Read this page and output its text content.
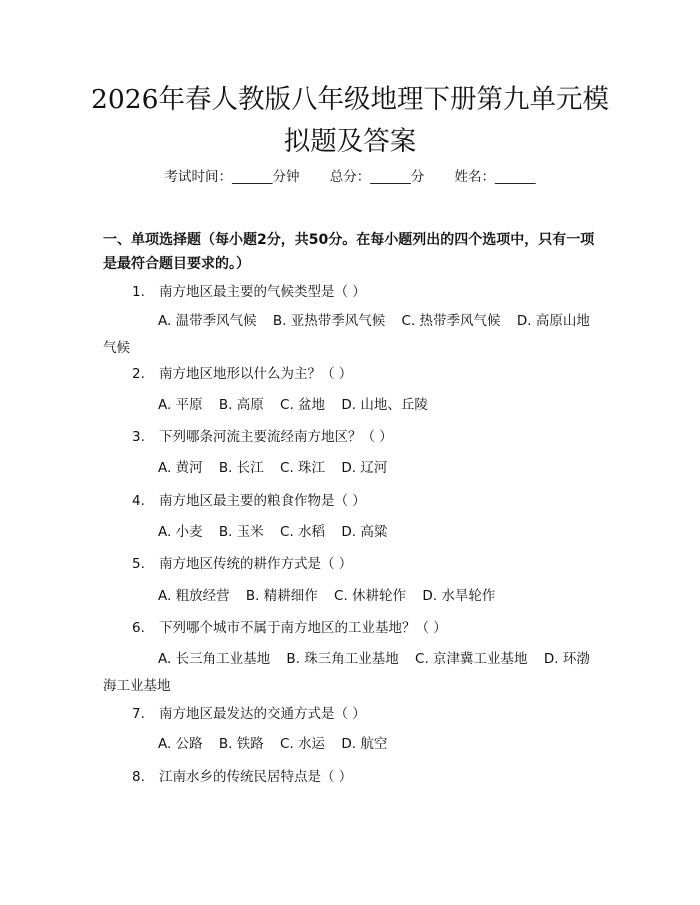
2026年春人教版八年级地理下册第九单元模
拟题及答案
考试时间：______分钟 总分：______分 姓名：______
一、单项选择题（每小题2分，共50分。在每小题列出的四个选项中，只有一项是最符合题目要求的。）
1. 南方地区最主要的气候类型是（ ）
A. 温带季风气候 B. 亚热带季风气候 C. 热带季风气候 D. 高原山地气候
2. 南方地区地形以什么为主？（ ）
A. 平原 B. 高原 C. 盆地 D. 山地、丘陵
3. 下列哪条河流主要流经南方地区？（ ）
A. 黄河 B. 长江 C. 珠江 D. 辽河
4. 南方地区最主要的粮食作物是（ ）
A. 小麦 B. 玉米 C. 水稻 D. 高粱
5. 南方地区传统的耕作方式是（ ）
A. 粗放经营 B. 精耕细作 C. 休耕轮作 D. 水旱轮作
6. 下列哪个城市不属于南方地区的工业基地？（ ）
A. 长三角工业基地 B. 珠三角工业基地 C. 京津冀工业基地 D. 环渤海工业基地
7. 南方地区最发达的交通方式是（ ）
A. 公路 B. 铁路 C. 水运 D. 航空
8. 江南水乡的传统民居特点是（ ）
